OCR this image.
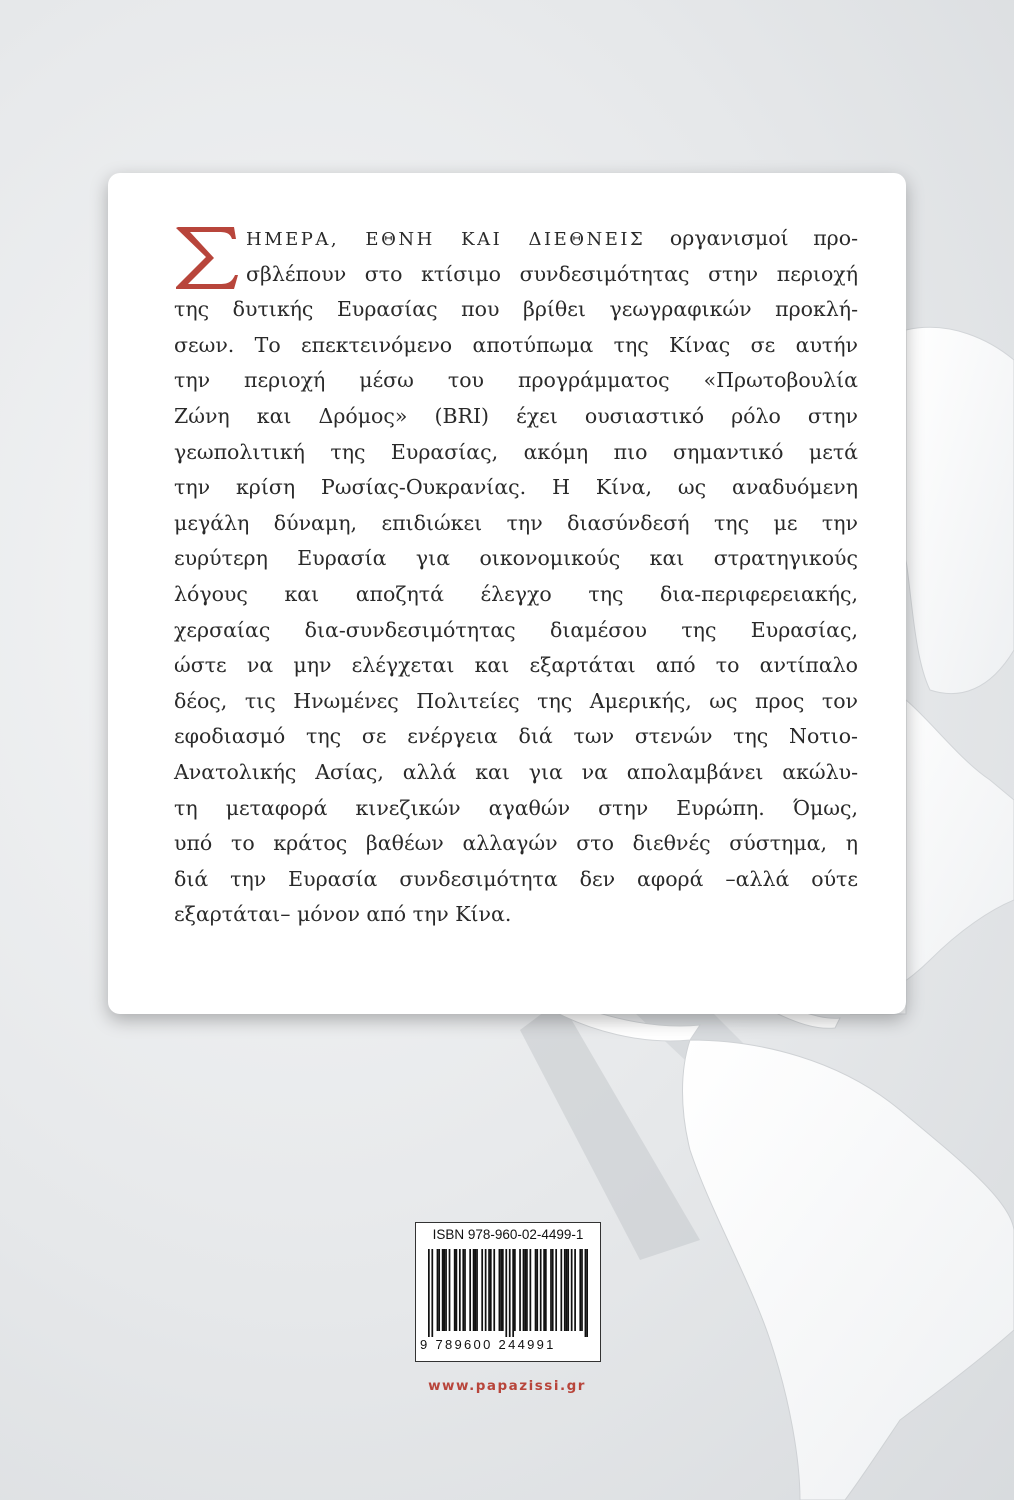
ΗΜΕΡΑ, ΕΘΝΗ ΚΑΙ ΔΙΕΘΝΕΙΣ οργανισμοί προ-
σβλέπουν στο κτίσιμο συνδεσιμότητας στην περιοχή
της δυτικής Ευρασίας που βρίθει γεωγραφικών προκλή-
σεων. Το επεκτεινόμενο αποτύπωμα της Κίνας σε αυτήν
την περιοχή μέσω του προγράμματος «Πρωτοβουλία
Ζώνη και Δρόμος» (BRI) έχει ουσιαστικό ρόλο στην
γεωπολιτική της Ευρασίας, ακόμη πιο σημαντικό μετά
την κρίση Ρωσίας-Ουκρανίας. Η Κίνα, ως αναδυόμενη
μεγάλη δύναμη, επιδιώκει την διασύνδεσή της με την
ευρύτερη Ευρασία για οικονομικούς και στρατηγικούς
λόγους και αποζητά έλεγχο της δια-περιφερειακής,
χερσαίας δια-συνδεσιμότητας διαμέσου της Ευρασίας,
ώστε να μην ελέγχεται και εξαρτάται από το αντίπαλο
δέος, τις Ηνωμένες Πολιτείες της Αμερικής, ως προς τον
εφοδιασμό της σε ενέργεια διά των στενών της Νοτιο-
Ανατολικής Ασίας, αλλά και για να απολαμβάνει ακώλυ-
τη μεταφορά κινεζικών αγαθών στην Ευρώπη. Όμως,
υπό το κράτος βαθέων αλλαγών στο διεθνές σύστημα, η
διά την Ευρασία συνδεσιμότητα δεν αφορά –αλλά ούτε
εξαρτάται– μόνον από την Κίνα.
ISBN 978-960-02-4499-1
9 789600 244991
www.papazissi.gr
